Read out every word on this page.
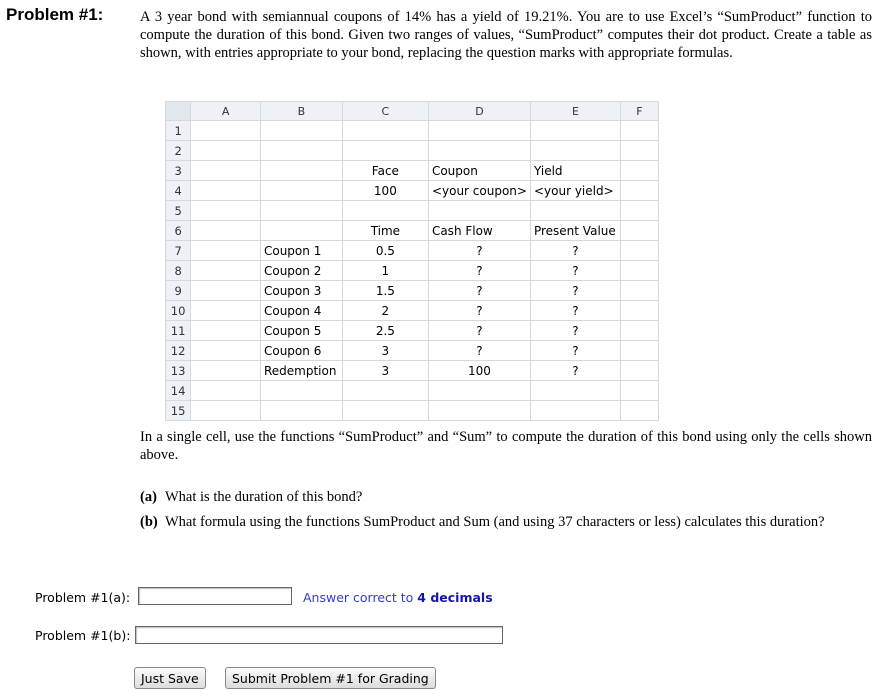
Problem #1:	A 3 year bond with semiannual coupons of 14% has a yield of 19.21%. You are to use Excel’s “SumProduct” function to compute the duration of this bond. Given two ranges of values, “SumProduct” computes their dot product. Create a table as shown, with entries appropriate to your bond, replacing the question marks with appropriate formulas.
	A	B	C	D	E	F
1						
2						
3			Face	Coupon	Yield	
4			100	<your coupon>	<your yield>	
5						
6			Time	Cash Flow	Present Value	
7		Coupon 1	0.5	?	?	
8		Coupon 2	1	?	?	
9		Coupon 3	1.5	?	?	
10		Coupon 4	2	?	?	
11		Coupon 5	2.5	?	?	
12		Coupon 6	3	?	?	
13		Redemption	3	100	?	
14						
15						
In a single cell, use the functions “SumProduct” and “Sum” to compute the duration of this bond using only the cells shown above.
(a) What is the duration of this bond?
(b) What formula using the functions SumProduct and Sum (and using 37 characters or less) calculates this duration?
Problem #1(a):	Answer correct to 4 decimals
Problem #1(b):
Just Save	Submit Problem #1 for Grading
